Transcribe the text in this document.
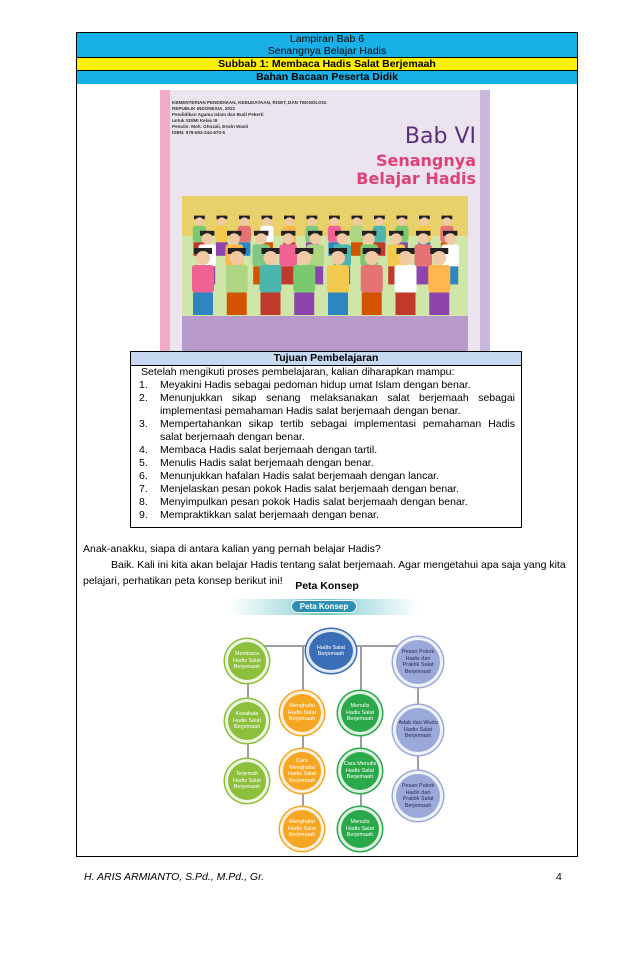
Lampiran Bab 6
Senangnya Belajar Hadis
Subbab 1: Membaca Hadis Salat Berjemaah
Bahan Bacaan Peserta Didik
KEMENTERIAN PENDIDIKAN, KEBUDAYAAN, RISET, DAN TEKNOLOGI
REPUBLIK INDONESIA, 2022
Pendidikan Agama Islam dan Budi Pekerti
untuk SD/MI Kelas III
Penulis: Moh. Ghozali, Erwin Wasti
ISBN: 978-602-244-670-5	Bab VI
Senangnya
Belajar Hadis
Tujuan Pembelajaran
Setelah mengikuti proses pembelajaran, kalian diharapkan mampu:
1.	Meyakini Hadis sebagai pedoman hidup umat Islam dengan benar.
2.	Menunjukkan sikap senang melaksanakan salat berjemaah sebagai implementasi pemahaman Hadis salat berjemaah dengan benar.
3.	Mempertahankan sikap tertib sebagai implementasi pemahaman Hadis salat berjemaah dengan benar.
4.	Membaca Hadis salat berjemaah dengan tartil.
5.	Menulis Hadis salat berjemaah dengan benar.
6.	Menunjukkan hafalan Hadis salat berjemaah dengan lancar.
7.	Menjelaskan pesan pokok Hadis salat berjemaah dengan benar.
8.	Menyimpulkan pesan pokok Hadis salat berjemaah dengan benar.
9.	Mempraktikkan salat berjemaah dengan benar.
Anak-anakku, siapa di antara kalian yang pernah belajar Hadis?
Baik. Kali ini kita akan belajar Hadis tentang salat berjemaah. Agar mengetahui apa saja yang kita pelajari, perhatikan peta konsep berikut ini!	Peta Konsep
Peta Konsep
Membaca Hadis Salat Berjemaah
Kosakata Hadis Salat Berjemaah
Terjemah Hadis Salat Berjemaah
Hadis Salat Berjemaah
Menghafal Hadis Salat Berjemaah
Cara Menghafal Hadis Salat Berjemaah
Menghafal Hadis Salat Berjemaah
Menulis Hadis Salat Berjemaah
Cara Menulis Hadis Salat Berjemaah
Menulis Hadis Salat Berjemaah
Pesan Pokok Hadis dan Praktik Salat Berjemaah
Adab dan Wudu Hadis Salat Berjemaah
Pesan Pokok Hadis dan Praktik Salat Berjemaah
H. ARIS ARMIANTO, S.Pd., M.Pd., Gr.	4
